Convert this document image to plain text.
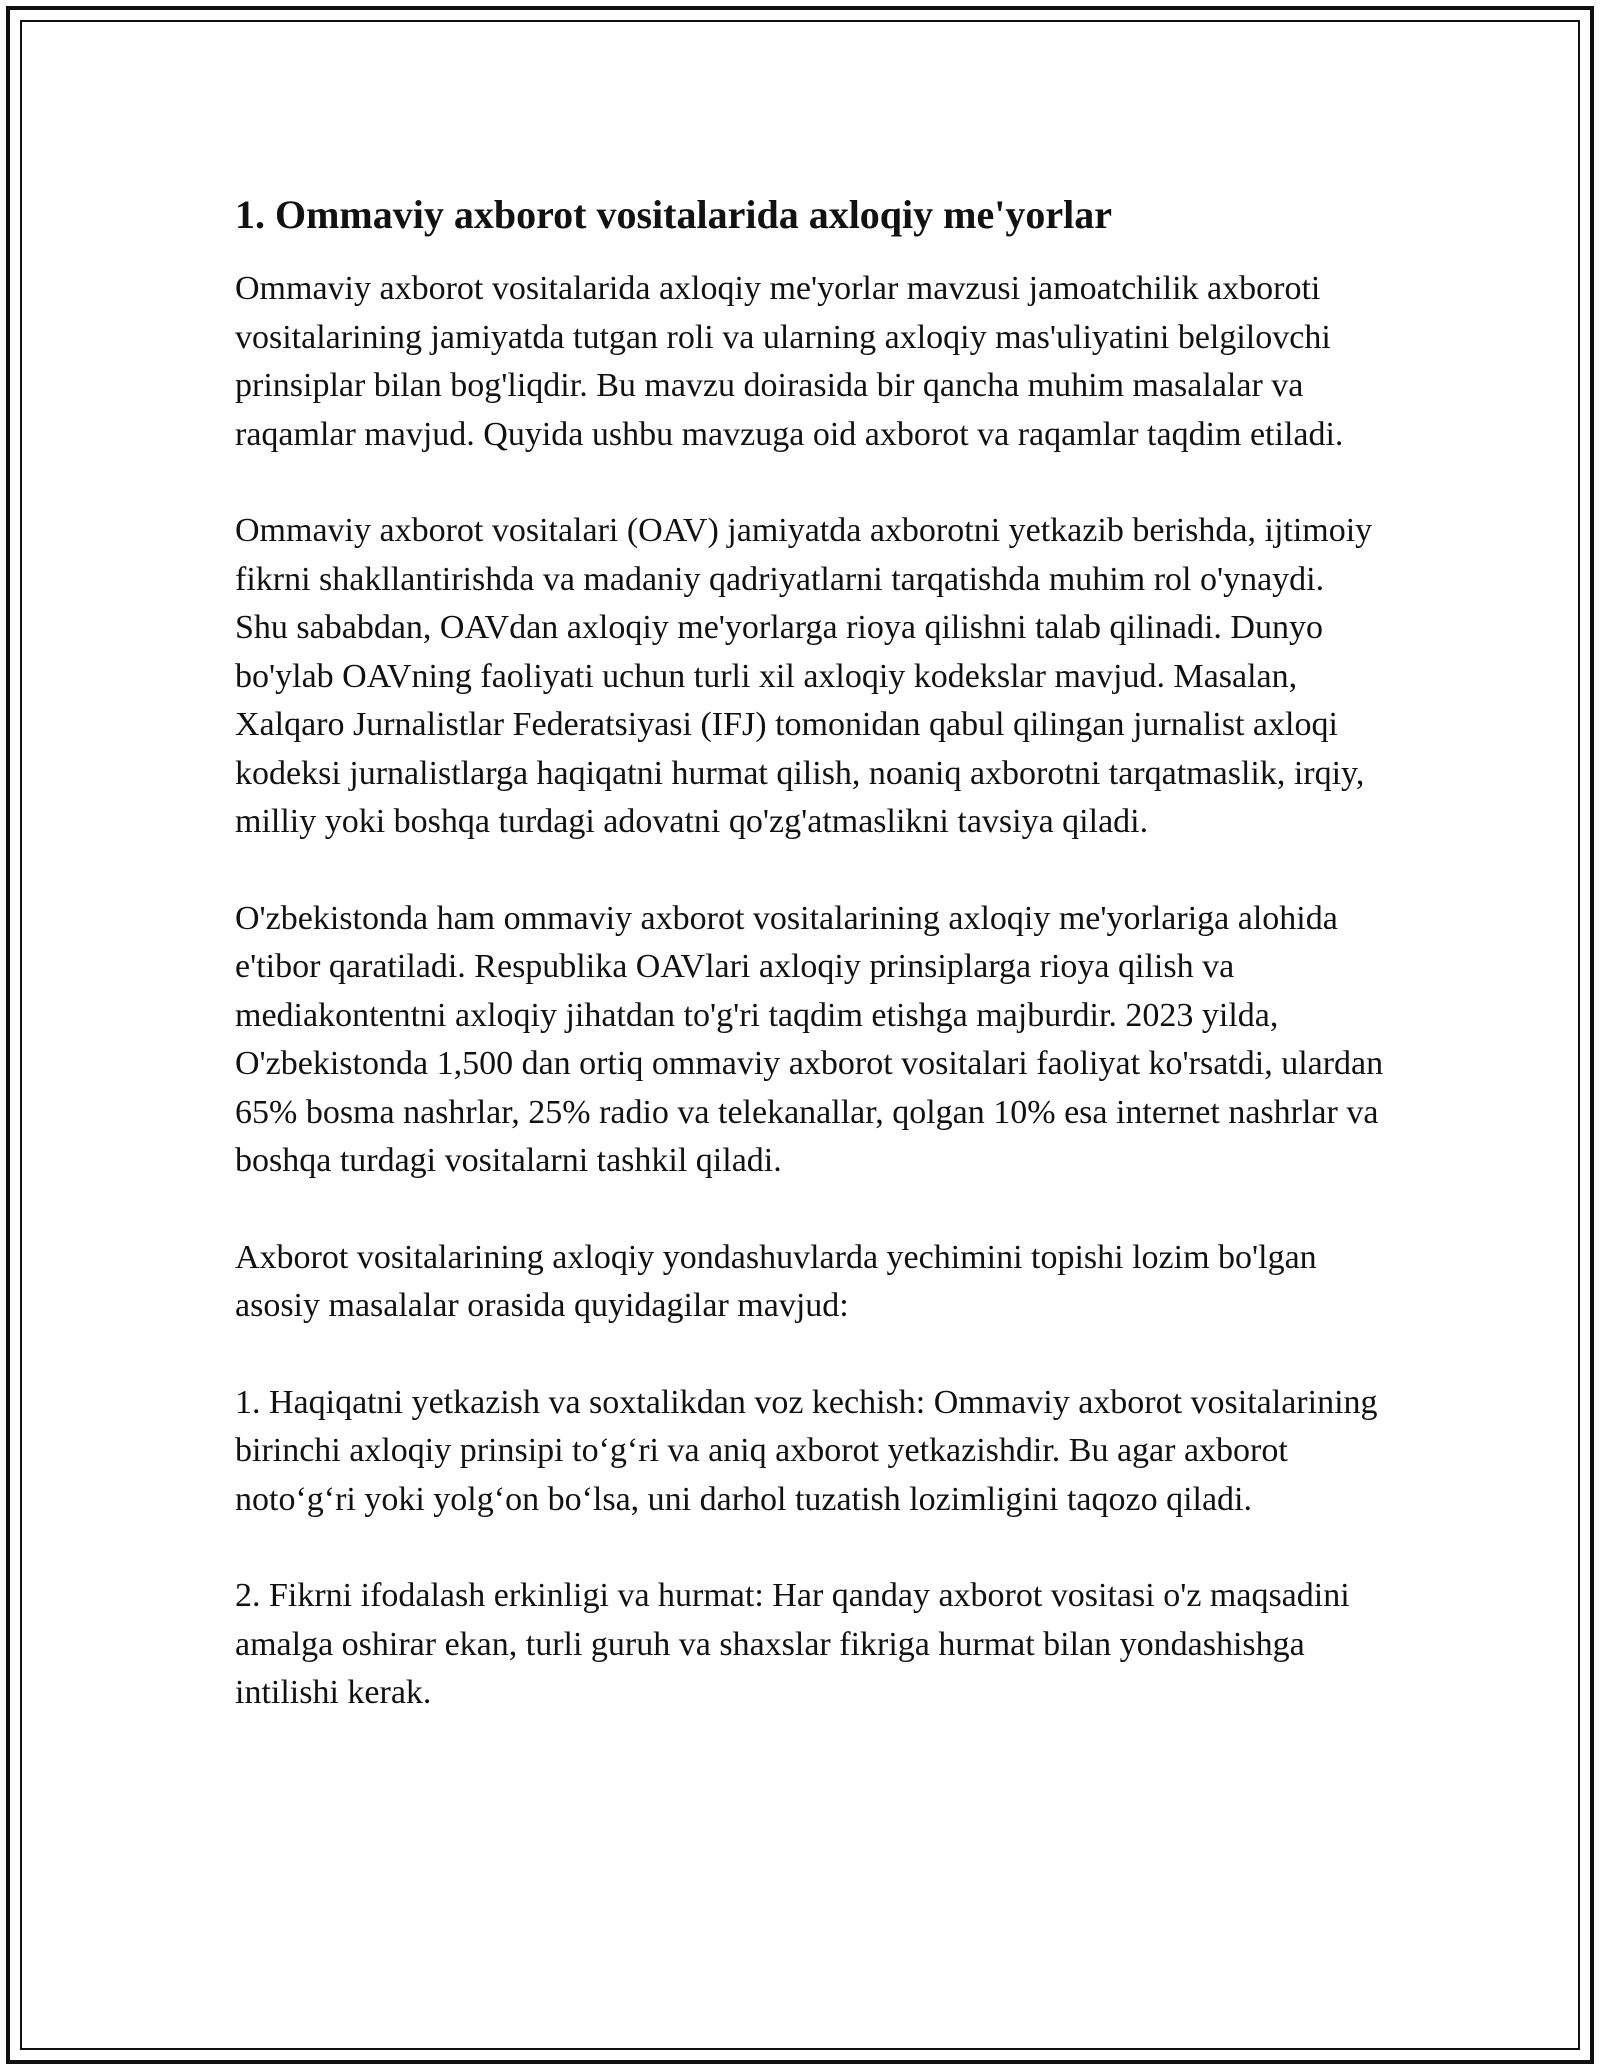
1. Ommaviy axborot vositalarida axloqiy me'yorlar

Ommaviy axborot vositalarida axloqiy me'yorlar mavzusi jamoatchilik axboroti vositalarining jamiyatda tutgan roli va ularning axloqiy mas'uliyatini belgilovchi prinsiplar bilan bog'liqdir. Bu mavzu doirasida bir qancha muhim masalalar va raqamlar mavjud. Quyida ushbu mavzuga oid axborot va raqamlar taqdim etiladi.

Ommaviy axborot vositalari (OAV) jamiyatda axborotni yetkazib berishda, ijtimoiy fikrni shakllantirishda va madaniy qadriyatlarni tarqatishda muhim rol o'ynaydi. Shu sababdan, OAVdan axloqiy me'yorlarga rioya qilishni talab qilinadi. Dunyo bo'ylab OAVning faoliyati uchun turli xil axloqiy kodekslar mavjud. Masalan, Xalqaro Jurnalistlar Federatsiyasi (IFJ) tomonidan qabul qilingan jurnalist axloqi kodeksi jurnalistlarga haqiqatni hurmat qilish, noaniq axborotni tarqatmaslik, irqiy, milliy yoki boshqa turdagi adovatni qo'zg'atmaslikni tavsiya qiladi.

O'zbekistonda ham ommaviy axborot vositalarining axloqiy me'yorlariga alohida e'tibor qaratiladi. Respublika OAVlari axloqiy prinsiplarga rioya qilish va mediakontentni axloqiy jihatdan to'g'ri taqdim etishga majburdir. 2023 yilda, O'zbekistonda 1,500 dan ortiq ommaviy axborot vositalari faoliyat ko'rsatdi, ulardan 65% bosma nashrlar, 25% radio va telekanallar, qolgan 10% esa internet nashrlar va boshqa turdagi vositalarni tashkil qiladi.

Axborot vositalarining axloqiy yondashuvlarda yechimini topishi lozim bo'lgan asosiy masalalar orasida quyidagilar mavjud:

1. Haqiqatni yetkazish va soxtalikdan voz kechish: Ommaviy axborot vositalarining birinchi axloqiy prinsipi to‘g‘ri va aniq axborot yetkazishdir. Bu agar axborot noto‘g‘ri yoki yolg‘on bo‘lsa, uni darhol tuzatish lozimligini taqozo qiladi.

2. Fikrni ifodalash erkinligi va hurmat: Har qanday axborot vositasi o'z maqsadini amalga oshirar ekan, turli guruh va shaxslar fikriga hurmat bilan yondashishga intilishi kerak.
